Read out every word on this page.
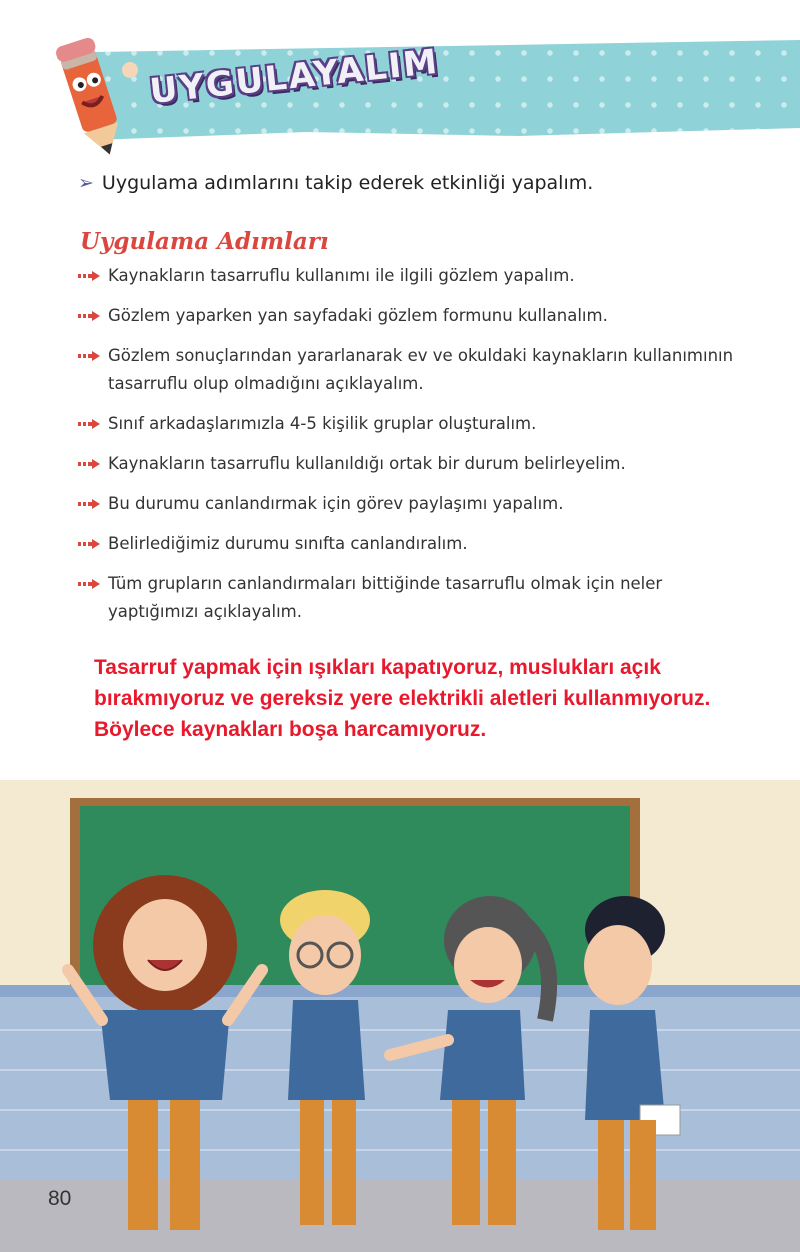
UYGULAYALIM
➢ Uygulama adımlarını takip ederek etkinliği yapalım.
Uygulama Adımları
Kaynakların tasarruflu kullanımı ile ilgili gözlem yapalım.
Gözlem yaparken yan sayfadaki gözlem formunu kullanalım.
Gözlem sonuçlarından yararlanarak ev ve okuldaki kaynakların kullanımının tasarruflu olup olmadığını açıklayalım.
Sınıf arkadaşlarımızla 4-5 kişilik gruplar oluşturalım.
Kaynakların tasarruflu kullanıldığı ortak bir durum belirleyelim.
Bu durumu canlandırmak için görev paylaşımı yapalım.
Belirlediğimiz durumu sınıfta canlandıralım.
Tüm grupların canlandırmaları bittiğinde tasarruflu olmak için neler yaptığımızı açıklayalım.
Tasarruf yapmak için ışıkları kapatıyoruz, muslukları açık bırakmıyoruz ve gereksiz yere elektrikli aletleri kullanmıyoruz. Böylece kaynakları boşa harcamıyoruz.
80
